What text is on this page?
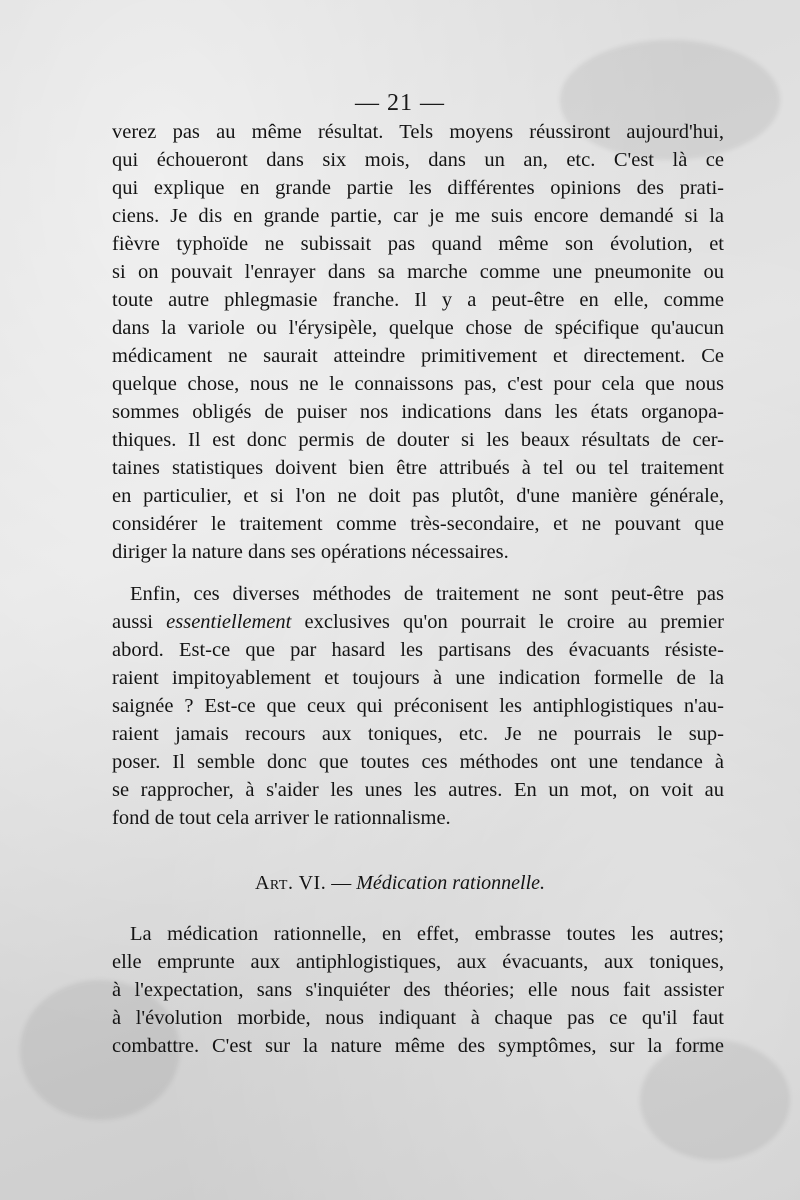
— 21 —
verez pas au même résultat. Tels moyens réussiront aujourd'hui,
qui échoueront dans six mois, dans un an, etc. C'est là ce
qui explique en grande partie les différentes opinions des prati-
ciens. Je dis en grande partie, car je me suis encore demandé si la
fièvre typhoïde ne subissait pas quand même son évolution, et
si on pouvait l'enrayer dans sa marche comme une pneumonite ou
toute autre phlegmasie franche. Il y a peut-être en elle, comme
dans la variole ou l'érysipèle, quelque chose de spécifique qu'aucun
médicament ne saurait atteindre primitivement et directement. Ce
quelque chose, nous ne le connaissons pas, c'est pour cela que nous
sommes obligés de puiser nos indications dans les états organopa-
thiques. Il est donc permis de douter si les beaux résultats de cer-
taines statistiques doivent bien être attribués à tel ou tel traitement
en particulier, et si l'on ne doit pas plutôt, d'une manière générale,
considérer le traitement comme très-secondaire, et ne pouvant que
diriger la nature dans ses opérations nécessaires.
Enfin, ces diverses méthodes de traitement ne sont peut-être pas
aussi essentiellement exclusives qu'on pourrait le croire au premier
abord. Est-ce que par hasard les partisans des évacuants résiste-
raient impitoyablement et toujours à une indication formelle de la
saignée ? Est-ce que ceux qui préconisent les antiphlogistiques n'au-
raient jamais recours aux toniques, etc. Je ne pourrais le sup-
poser. Il semble donc que toutes ces méthodes ont une tendance à
se rapprocher, à s'aider les unes les autres. En un mot, on voit au
fond de tout cela arriver le rationnalisme.
Art. VI. — Médication rationnelle.
La médication rationnelle, en effet, embrasse toutes les autres;
elle emprunte aux antiphlogistiques, aux évacuants, aux toniques,
à l'expectation, sans s'inquiéter des théories; elle nous fait assister
à l'évolution morbide, nous indiquant à chaque pas ce qu'il faut
combattre. C'est sur la nature même des symptômes, sur la forme
